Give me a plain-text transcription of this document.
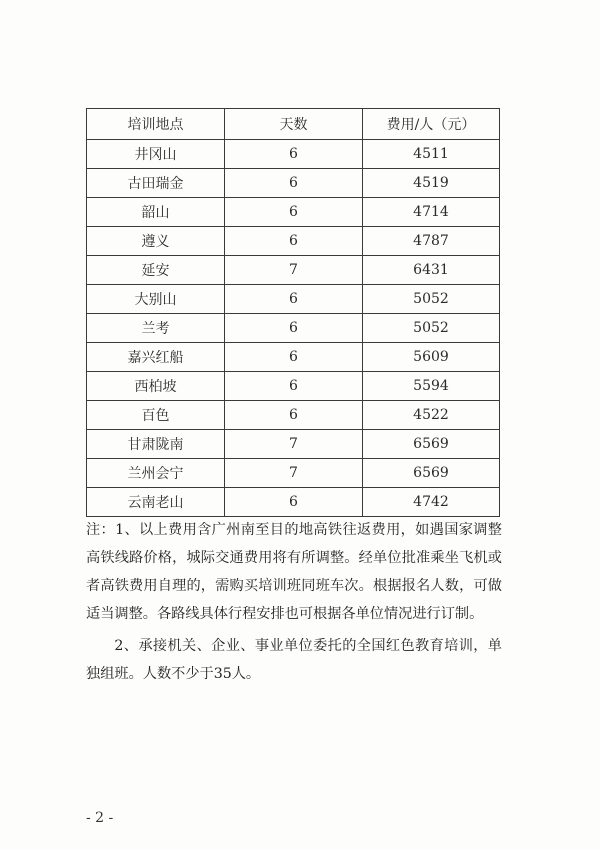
培训地点	天数	费用/人（元）
井冈山	6	4511
古田瑞金	6	4519
韶山	6	4714
遵义	6	4787
延安	7	6431
大别山	6	5052
兰考	6	5052
嘉兴红船	6	5609
西柏坡	6	5594
百色	6	4522
甘肃陇南	7	6569
兰州会宁	7	6569
云南老山	6	4742

注：1、以上费用含广州南至目的地高铁往返费用，如遇国家调整高铁线路价格，城际交通费用将有所调整。经单位批准乘坐飞机或者高铁费用自理的，需购买培训班同班车次。根据报名人数，可做适当调整。各路线具体行程安排也可根据各单位情况进行订制。

2、承接机关、企业、事业单位委托的全国红色教育培训，单独组班。人数不少于35人。

- 2 -
